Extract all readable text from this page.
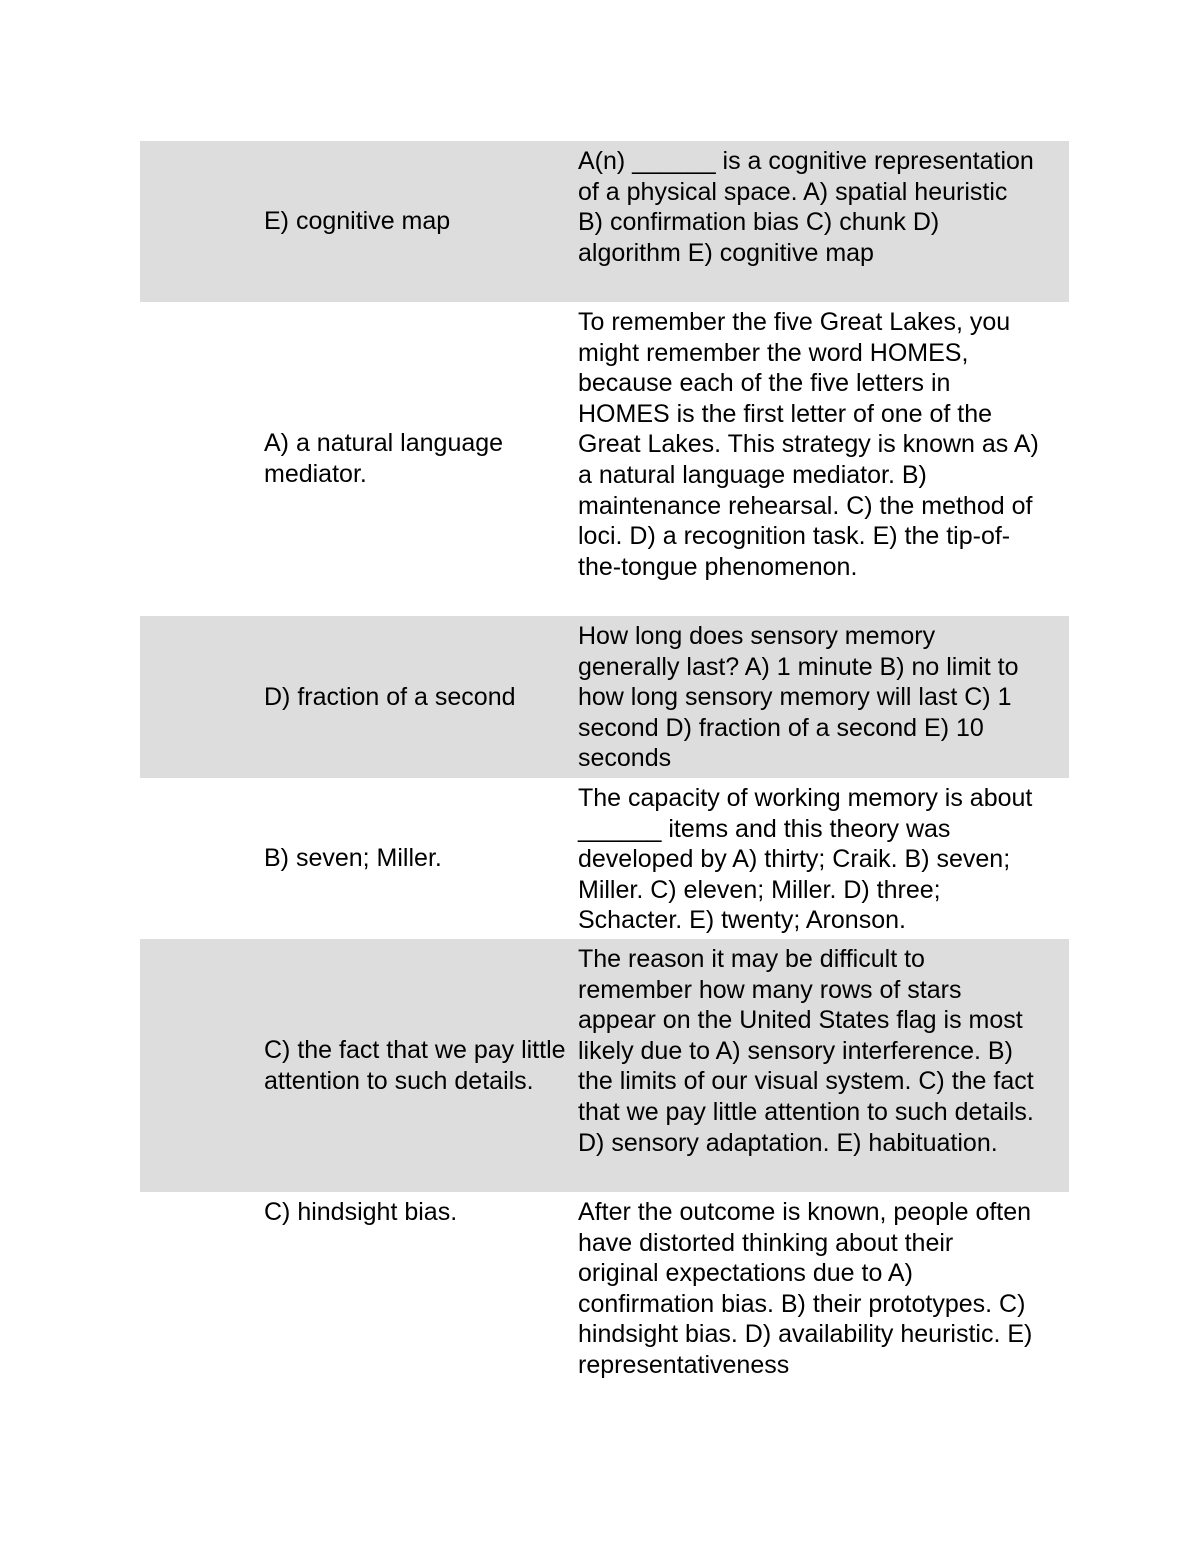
E) cognitive map
A(n) ______ is a cognitive representation of a physical space. A) spatial heuristic B) confirmation bias C) chunk D) algorithm E) cognitive map
A) a natural language mediator.
To remember the five Great Lakes, you might remember the word HOMES, because each of the five letters in HOMES is the first letter of one of the Great Lakes. This strategy is known as A) a natural language mediator. B) maintenance rehearsal. C) the method of loci. D) a recognition task. E) the tip-of-the-tongue phenomenon.
D) fraction of a second
How long does sensory memory generally last? A) 1 minute B) no limit to how long sensory memory will last C) 1 second D) fraction of a second E) 10 seconds
B) seven; Miller.
The capacity of working memory is about ______ items and this theory was developed by A) thirty; Craik. B) seven; Miller. C) eleven; Miller. D) three; Schacter. E) twenty; Aronson.
C) the fact that we pay little attention to such details.
The reason it may be difficult to remember how many rows of stars appear on the United States flag is most likely due to A) sensory interference. B) the limits of our visual system. C) the fact that we pay little attention to such details. D) sensory adaptation. E) habituation.
C) hindsight bias.	After the outcome is known, people often have distorted thinking about their original expectations due to A) confirmation bias. B) their prototypes. C) hindsight bias. D) availability heuristic. E) representativeness
